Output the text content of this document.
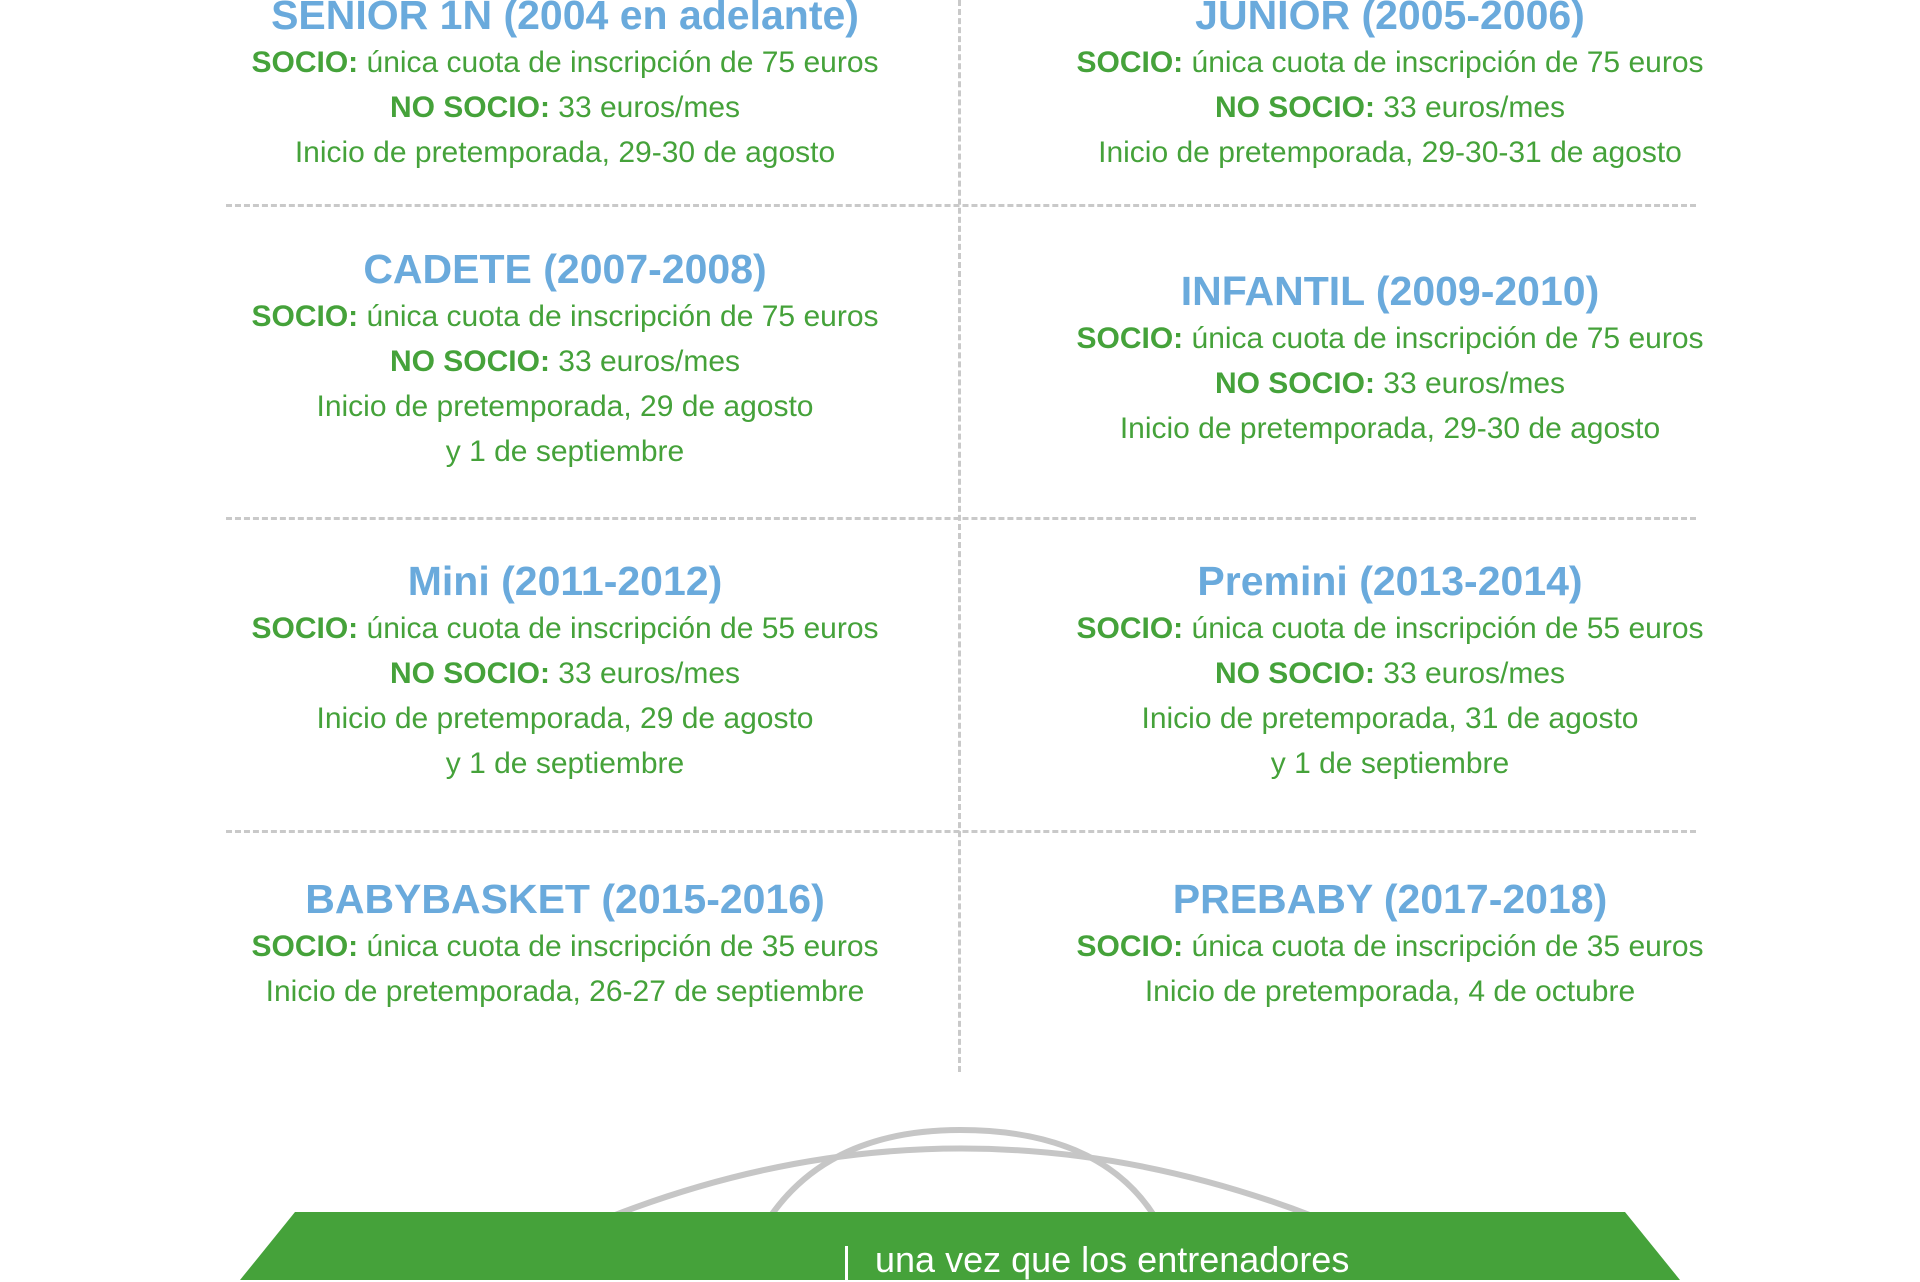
SENIOR 1N (2004 en adelante)
SOCIO: única cuota de inscripción de 75 euros
NO SOCIO: 33 euros/mes
Inicio de pretemporada, 29-30 de agosto
JUNIOR (2005-2006)
SOCIO: única cuota de inscripción de 75 euros
NO SOCIO: 33 euros/mes
Inicio de pretemporada, 29-30-31 de agosto
CADETE (2007-2008)
SOCIO: única cuota de inscripción de 75 euros
NO SOCIO: 33 euros/mes
Inicio de pretemporada, 29 de agosto
y 1 de septiembre
INFANTIL (2009-2010)
SOCIO: única cuota de inscripción de 75 euros
NO SOCIO: 33 euros/mes
Inicio de pretemporada, 29-30 de agosto
Mini (2011-2012)
SOCIO: única cuota de inscripción de 55 euros
NO SOCIO: 33 euros/mes
Inicio de pretemporada, 29 de agosto
y 1 de septiembre
Premini (2013-2014)
SOCIO: única cuota de inscripción de 55 euros
NO SOCIO: 33 euros/mes
Inicio de pretemporada, 31 de agosto
y 1 de septiembre
BABYBASKET (2015-2016)
SOCIO: única cuota de inscripción de 35 euros
Inicio de pretemporada, 26-27 de septiembre
PREBABY (2017-2018)
SOCIO: única cuota de inscripción de 35 euros
Inicio de pretemporada, 4 de octubre
una vez que los entrenadores
